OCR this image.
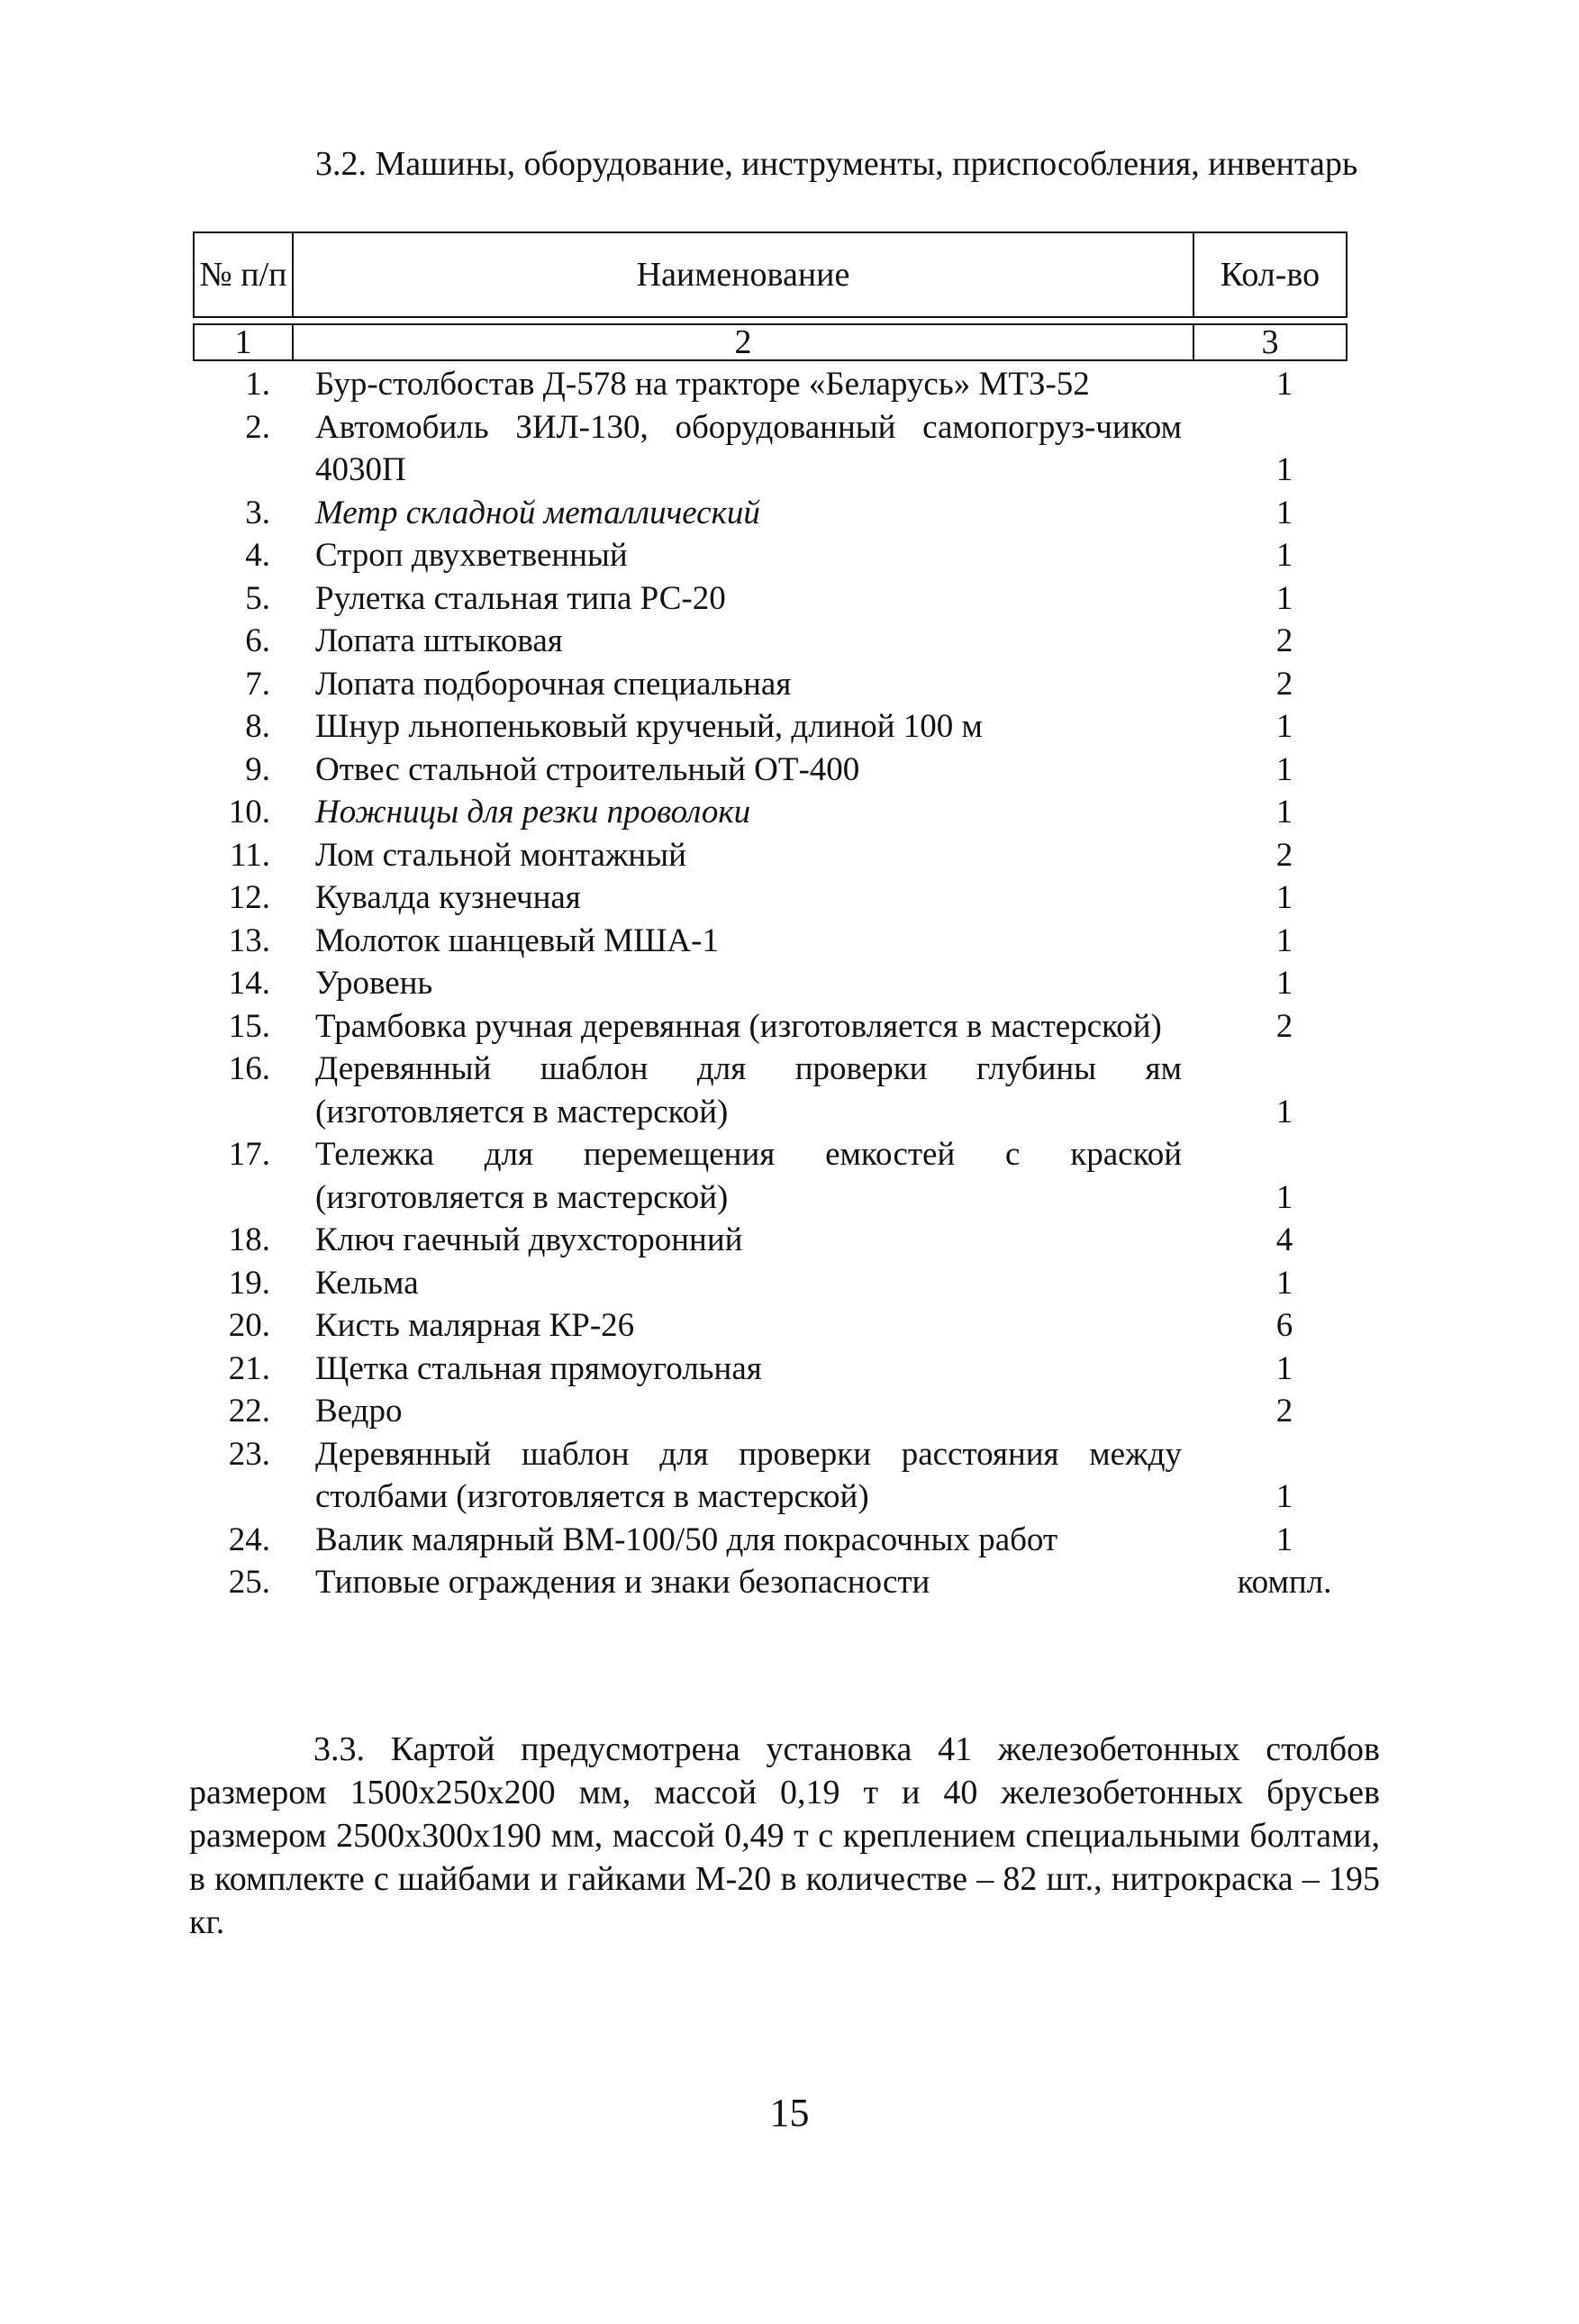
3.2. Машины, оборудование, инструменты, приспособления, инвентарь
№ п/п	Наименование	Кол-во

1	2	3
1. Бур-столбостав Д-578 на тракторе «Беларусь» МТЗ-52	1
2. Автомобиль ЗИЛ-130, оборудованный самопогруз-чиком 4030П	1
3. Метр складной металлический	1
4. Строп двухветвенный	1
5. Рулетка стальная типа РС-20	1
6. Лопата штыковая	2
7. Лопата подборочная специальная	2
8. Шнур льнопеньковый крученый, длиной 100 м	1
9. Отвес стальной строительный ОТ-400	1
10. Ножницы для резки проволоки	1
11. Лом стальной монтажный	2
12. Кувалда кузнечная	1
13. Молоток шанцевый МША-1	1
14. Уровень	1
15. Трамбовка ручная деревянная (изготовляется в мастерской)	2
16. Деревянный шаблон для проверки глубины ям (изготовляется в мастерской)	1
17. Тележка для перемещения емкостей с краской (изготовляется в мастерской)	1
18. Ключ гаечный двухсторонний	4
19. Кельма	1
20. Кисть малярная КР-26	6
21. Щетка стальная прямоугольная	1
22. Ведро	2
23. Деревянный шаблон для проверки расстояния между столбами (изготовляется в мастерской)	1
24. Валик малярный ВМ-100/50 для покрасочных работ	1
25. Типовые ограждения и знаки безопасности	компл.
3.3. Картой предусмотрена установка 41 железобетонных столбов размером 1500x250x200 мм, массой 0,19 т и 40 железобетонных брусьев размером 2500x300x190 мм, массой 0,49 т с креплением специальными болтами, в комплекте с шайбами и гайками М-20 в количестве – 82 шт., нитрокраска – 195 кг.
15
